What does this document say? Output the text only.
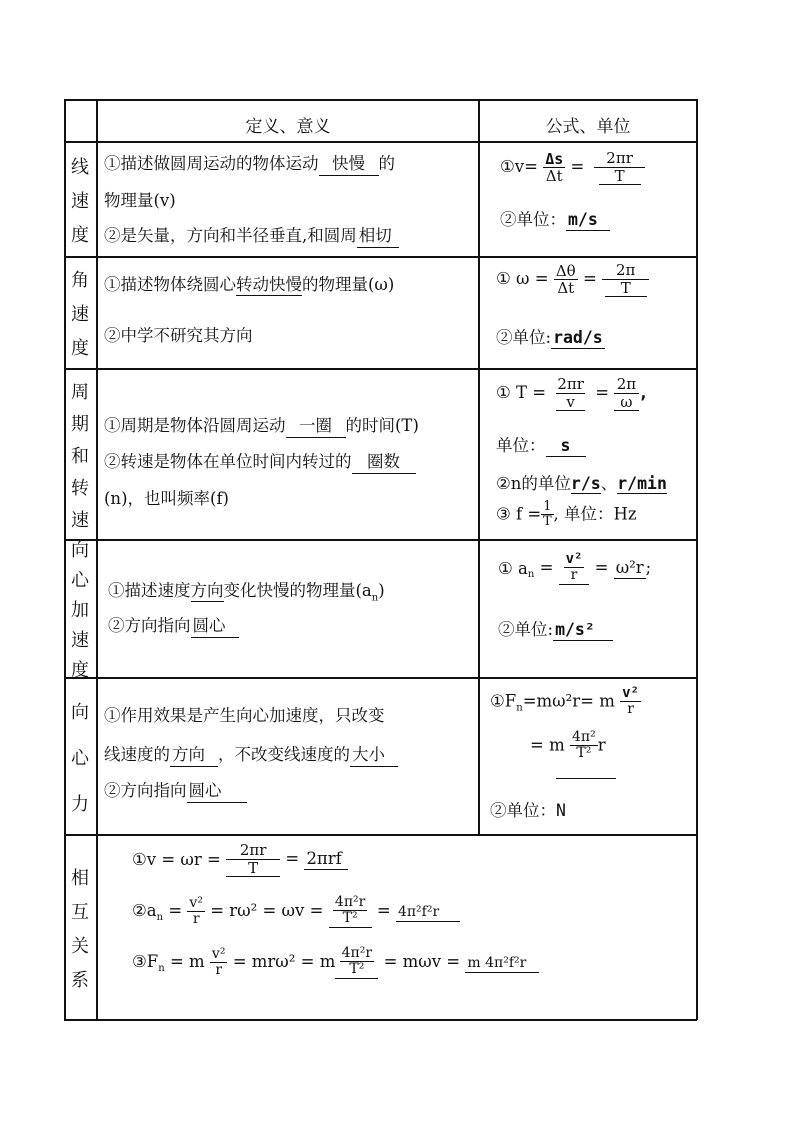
定义、意义	公式、单位
线
速
度
①描述做圆周运动的物体运动 快慢 的
物理量(v)
②是矢量，方向和半径垂直,和圆周 相切
①v= $\frac{\Delta s}{\Delta t} = \frac{2\pi r}{T}$
②单位： m/s
角
速
度
①描述物体绕圆心转动快慢的物理量(ω)
②中学不研究其方向
① $\omega = \frac{\Delta\theta}{\Delta t} = \frac{2\pi}{T}$
②单位: rad/s
周
期
和
转
速
①周期是物体沿圆周运动 一圈 的时间(T)
②转速是物体在单位时间内转过的 圈数
(n)，也叫频率(f)
① $T = \frac{2\pi r}{v} = \frac{2\pi}{\omega}$ ,
单位： s
②n的单位r/s、r/min
③ $f = \frac{1}{T}$ , 单位：Hz
向
心
加
速
度
①描述速度方向变化快慢的物理量$(a_n)$
②方向指向 圆心
① $a_n = \frac{\text{v²}}{r} = \omega^2r$ ;
②单位: m/s²
向
心
力
①作用效果是产生向心加速度，只改变
线速度的 方向 ，不改变线速度的 大小
②方向指向 圆心
$①F_n=m\omega^2r= m \frac{\text{v²}}{r}$
= m $\frac{\text{4π²}}{\text{T²}}$ r
②单位：N
相
互
关
系
①v = $\omega r = \frac{2\pi r}{T} = 2\pi rf$
$②a_n = \frac{\text{v²}}{r} = r\omega^2 = \omega v = \frac{\text{4π²r}}{\text{T²}} = 4\pi^2f^2r$
$③F_n = m \frac{\text{v²}}{r} = mr\omega^2 = m \frac{\text{4π²r}}{\text{T²}} = m\omega v = m$ 4π²f²r
